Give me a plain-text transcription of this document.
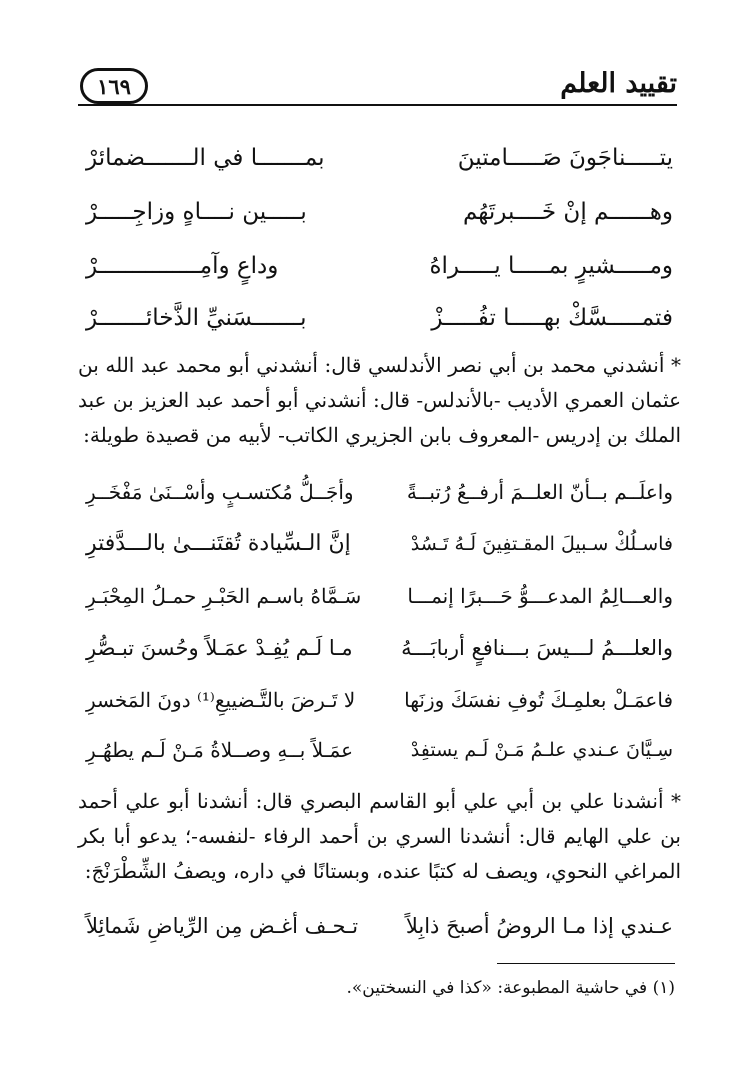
تقييد العلم
١٦٩
يتـــــناجَونَ صَـــــامتينَ
بمـــــــا في الـــــــضمائرْ
وهــــــم إنْ خَــــبرتَهُم
بـــــين نــــاهٍ وزاجِـــــرْ
ومـــــشيرٍ بمـــــا يـــــراهُ
وداعٍ وآمِـــــــــــــــرْ
فتمـــــسَّكْ بهـــــا تفُـــــزْ
بـــــــسَنيِّ الذَّخائـــــــرْ

* أنشدني محمد بن أبي نصر الأندلسي قال: أنشدني أبو محمد عبد الله بن عثمان العمري الأديب -بالأندلس- قال: أنشدني أبو أحمد عبد العزيز بن عبد الملك بن إدريس -المعروف بابن الجزيري الكاتب- لأبيه من قصيدة طويلة:

واعلَــم بــأنّ العلــمَ أرفــعُ رُتبــةً
وأجَــلُّ مُكتسـبٍ وأسْــنَىٰ مَفْخَــرِ
فاسـلُكْ سـبيلَ المقـتفِينَ لَـهُ تَـسُدْ
إنَّ الـسِّيادة تُقتَنـــىٰ بالـــدَّفترِ
والعـــالِمُ المدعـــوُّ حَـــبرًا إنمـــا
سَـمَّاهُ باسـم الحَبْـرِ حمـلُ المِحْبَـرِ
والعلـــمُ لـــيسَ بـــنافعٍ أربابَـــهُ
مـا لَـم يُفِـدْ عمَـلاً وحُسنَ تبـصُّرِ
فاعمَـلْ بعلمِـكَ تُوفِ نفسَكَ وزنَها
لا تَـرضَ بالتَّـضييعِ⁽¹⁾ دونَ المَخسرِ
سِـيَّانَ عـندي علـمُ مَـنْ لَـم يستفِدْ
عمَـلاً بــهِ وصــلاةُ مَـنْ لَـم يطهُـرِ

* أنشدنا علي بن أبي علي أبو القاسم البصري قال: أنشدنا أبو علي أحمد بن علي الهايم قال: أنشدنا السري بن أحمد الرفاء -لنفسه-؛ يدعو أبا بكر المراغي النحوي، ويصف له كتبًا عنده، وبستانًا في داره، ويصفُ الشِّطْرَنْجَ:

عـندي إذا مـا الروضُ أصبحَ ذابِلاً
تـحـف أغـض مِن الرِّياضِ شَمائِلاً
(١) في حاشية المطبوعة: «كذا في النسختين».
